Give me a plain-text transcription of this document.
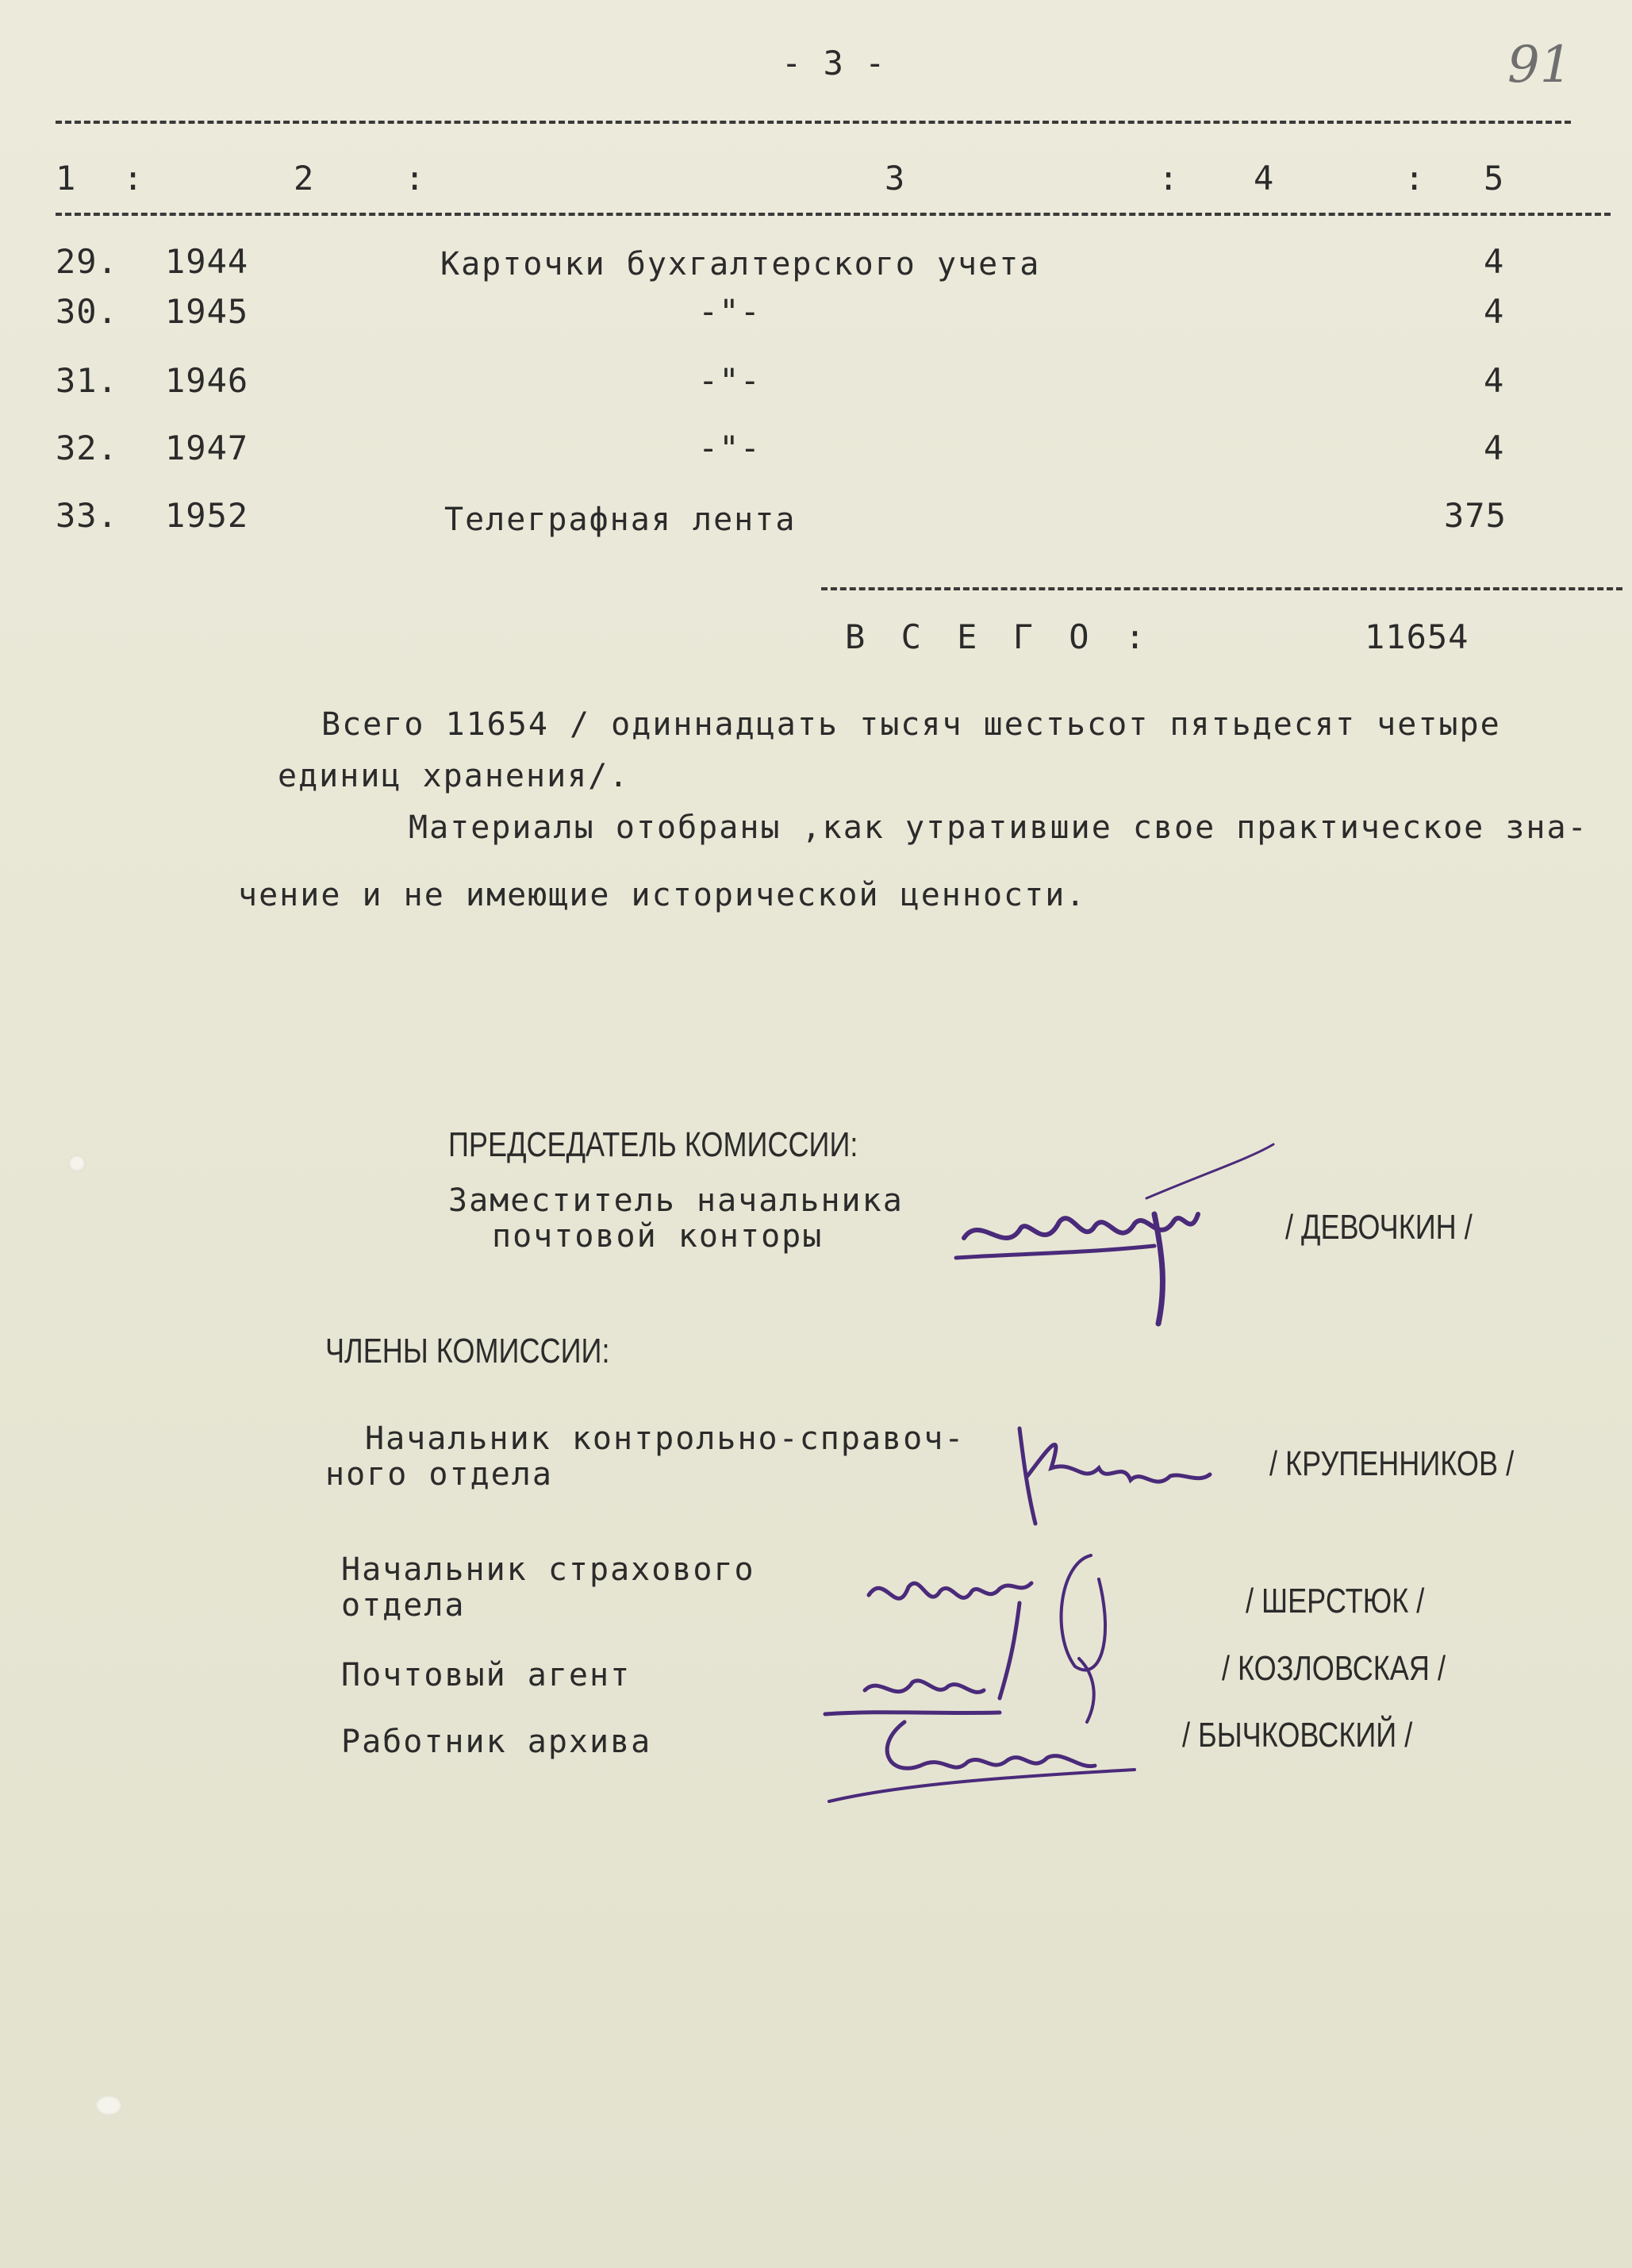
- 3 -	91
1 :	2	:	3	: 4	: 5
29. 1944	Карточки бухгалтерского учета	4
30. 1945	-"-	4
31. 1946	-"-	4
32. 1947	-"-	4
33. 1952	Телеграфная лента	375
В С Е Г О :	11654
Всего 11654 / одиннадцать тысяч шестьсот пятьдесят четыре
единиц хранения/.
Материалы отобраны ,как утратившие свое практическое зна-
чение и не имеющие исторической ценности.
ПРЕДСЕДАТЕЛЬ КОМИССИИ:
Заместитель начальника
почтовой конторы	/ ДЕВОЧКИН /
ЧЛЕНЫ КОМИССИИ:
Начальник контрольно-справоч-
ного отдела	/ КРУПЕННИКОВ /
Начальник страхового
отдела	/ ШЕРСТЮК /
Почтовый агент	/ КОЗЛОВСКАЯ /
Работник архива	/ БЫЧКОВСКИЙ /
